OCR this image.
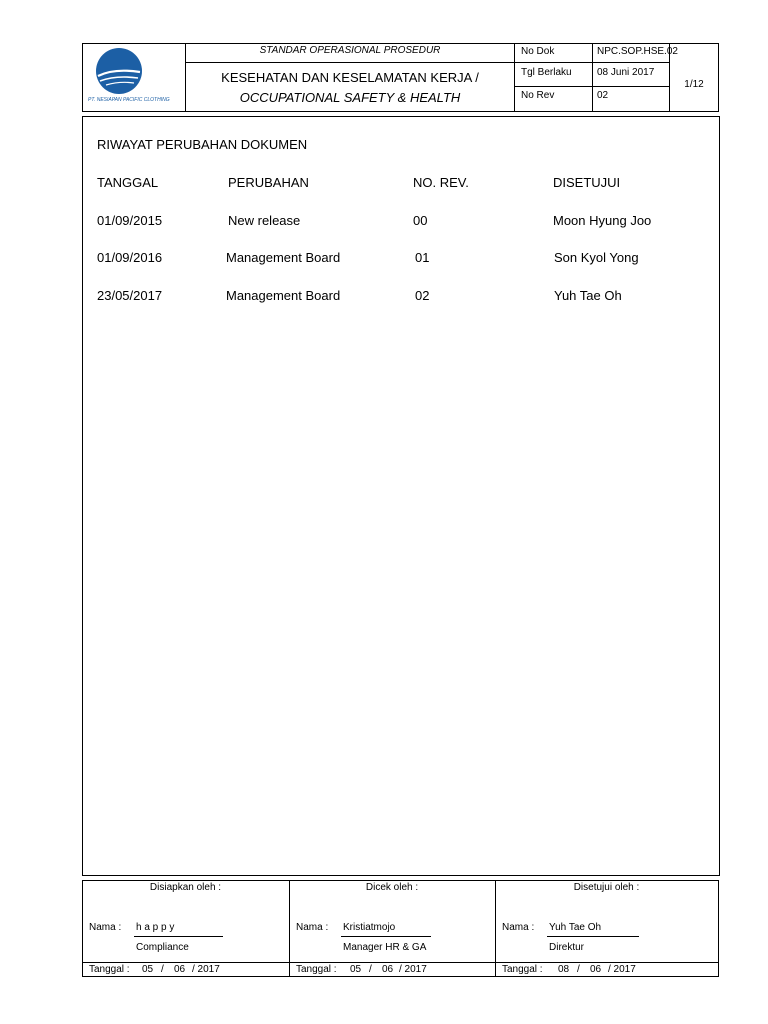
PT. NESIAPAN PACIFIC CLOTHING
STANDAR OPERASIONAL PROSEDUR
KESEHATAN DAN KESELAMATAN KERJA /
OCCUPATIONAL SAFETY & HEALTH
No Dok	NPC.SOP.HSE.02
Tgl Berlaku	08 Juni 2017
No Rev	02
1/12
RIWAYAT PERUBAHAN DOKUMEN
TANGGAL	PERUBAHAN	NO. REV.	DISETUJUI
01/09/2015	New release	00	Moon Hyung Joo
01/09/2016	Management Board	01	Son Kyol Yong
23/05/2017	Management Board	02	Yuh Tae Oh
Disiapkan oleh :
Nama : h a p p y
Compliance
Tanggal : 05 / 06 / 2017
Dicek oleh :
Nama : Kristiatmojo
Manager HR & GA
Tanggal : 05 / 06 / 2017
Disetujui oleh :
Nama : Yuh Tae Oh
Direktur
Tanggal : 08 / 06 / 2017
